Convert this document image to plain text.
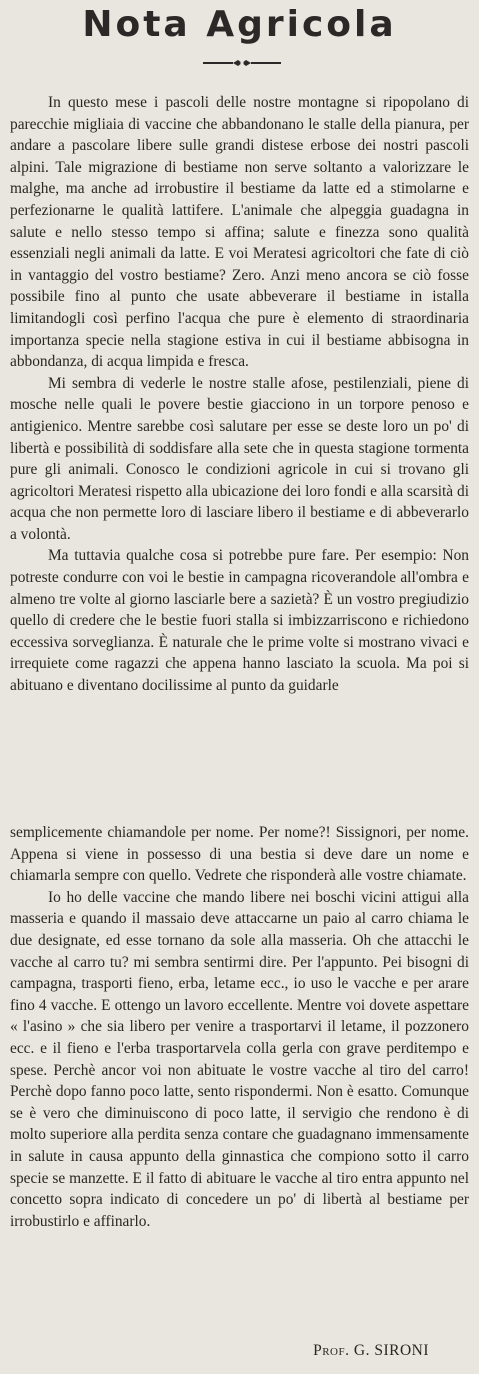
Nota Agricola

In questo mese i pascoli delle nostre montagne si ripopolano di parecchie migliaia di vaccine che abbandonano le stalle della pianura, per andare a pascolare libere sulle grandi distese erbose dei nostri pascoli alpini. Tale migrazione di bestiame non serve soltanto a valorizzare le malghe, ma anche ad irrobustire il bestiame da latte ed a stimolarne e perfezionarne le qualità lattifere. L'animale che alpeggia guadagna in salute e nello stesso tempo si affina; salute e finezza sono qualità essenziali negli animali da latte. E voi Meratesi agricoltori che fate di ciò in vantaggio del vostro bestiame? Zero. Anzi meno ancora se ciò fosse possibile fino al punto che usate abbeverare il bestiame in istalla limitandogli così perfino l'acqua che pure è elemento di straordinaria importanza specie nella stagione estiva in cui il bestiame abbisogna in abbondanza, di acqua limpida e fresca.

Mi sembra di vederle le nostre stalle afose, pestilenziali, piene di mosche nelle quali le povere bestie giacciono in un torpore penoso e antigienico. Mentre sarebbe così salutare per esse se deste loro un po' di libertà e possibilità di soddisfare alla sete che in questa stagione tormenta pure gli animali. Conosco le condizioni agricole in cui si trovano gli agricoltori Meratesi rispetto alla ubicazione dei loro fondi e alla scarsità di acqua che non permette loro di lasciare libero il bestiame e di abbeverarlo a volontà.

Ma tuttavia qualche cosa si potrebbe pure fare. Per esempio: Non potreste condurre con voi le bestie in campagna ricoverandole all'ombra e almeno tre volte al giorno lasciarle bere a sazietà? È un vostro pregiudizio quello di credere che le bestie fuori stalla si imbizzarriscono e richiedono eccessiva sorveglianza. È naturale che le prime volte si mostrano vivaci e irrequiete come ragazzi che appena hanno lasciato la scuola. Ma poi si abituano e diventano docilissime al punto da guidarle

semplicemente chiamandole per nome. Per nome?! Sissignori, per nome. Appena si viene in possesso di una bestia si deve dare un nome e chiamarla sempre con quello. Vedrete che risponderà alle vostre chiamate.

Io ho delle vaccine che mando libere nei boschi vicini attigui alla masseria e quando il massaio deve attaccarne un paio al carro chiama le due designate, ed esse tornano da sole alla masseria. Oh che attacchi le vacche al carro tu? mi sembra sentirmi dire. Per l'appunto. Pei bisogni di campagna, trasporti fieno, erba, letame ecc., io uso le vacche e per arare fino 4 vacche. E ottengo un lavoro eccellente. Mentre voi dovete aspettare « l'asino » che sia libero per venire a trasportarvi il letame, il pozzonero ecc. e il fieno e l'erba trasportarvela colla gerla con grave perditempo e spese. Perchè ancor voi non abituate le vostre vacche al tiro del carro! Perchè dopo fanno poco latte, sento rispondermi. Non è esatto. Comunque se è vero che diminuiscono di poco latte, il servigio che rendono è di molto superiore alla perdita senza contare che guadagnano immensamente in salute in causa appunto della ginnastica che compiono sotto il carro specie se manzette. E il fatto di abituare le vacche al tiro entra appunto nel concetto sopra indicato di concedere un po' di libertà al bestiame per irrobustirlo e affinarlo.

Prof. G. SIRONI
